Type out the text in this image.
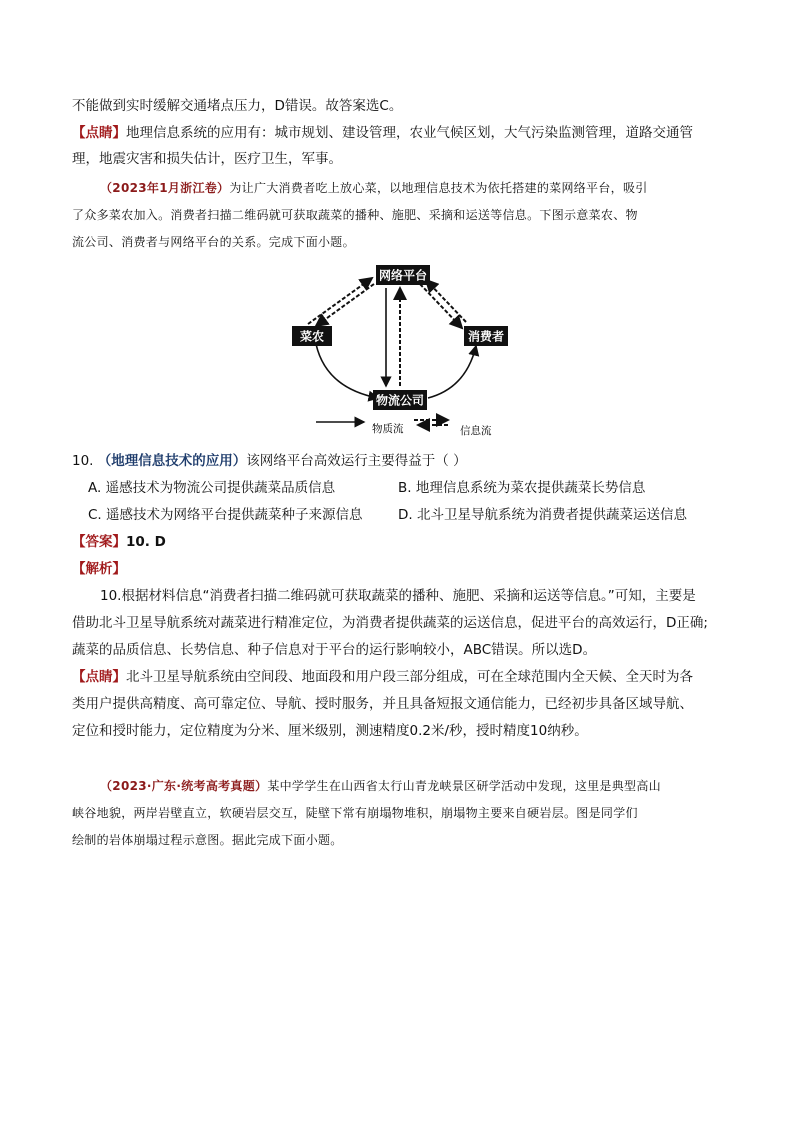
不能做到实时缓解交通堵点压力，D错误。故答案选C。
【点睛】地理信息系统的应用有：城市规划、建设管理，农业气候区划，大气污染监测管理，道路交通管
理，地震灾害和损失估计，医疗卫生，军事。
（2023年1月浙江卷）为让广大消费者吃上放心菜，以地理信息技术为依托搭建的菜网络平台，吸引
了众多菜农加入。消费者扫描二维码就可获取蔬菜的播种、施肥、采摘和运送等信息。下图示意菜农、物
流公司、消费者与网络平台的关系。完成下面小题。
网络平台
菜农	消费者
物流公司
物质流	信息流
10. （地理信息技术的应用）该网络平台高效运行主要得益于（ ）
A. 遥感技术为物流公司提供蔬菜品质信息	B. 地理信息系统为菜农提供蔬菜长势信息
C. 遥感技术为网络平台提供蔬菜种子来源信息	D. 北斗卫星导航系统为消费者提供蔬菜运送信息
【答案】10. D
【解析】
10.根据材料信息“消费者扫描二维码就可获取蔬菜的播种、施肥、采摘和运送等信息。”可知，主要是
借助北斗卫星导航系统对蔬菜进行精准定位，为消费者提供蔬菜的运送信息，促进平台的高效运行，D正确;
蔬菜的品质信息、长势信息、种子信息对于平台的运行影响较小，ABC错误。所以选D。
【点睛】北斗卫星导航系统由空间段、地面段和用户段三部分组成，可在全球范围内全天候、全天时为各
类用户提供高精度、高可靠定位、导航、授时服务，并且具备短报文通信能力，已经初步具备区域导航、
定位和授时能力，定位精度为分米、厘米级别，测速精度0.2米/秒，授时精度10纳秒。
（2023·广东·统考高考真题）某中学学生在山西省太行山青龙峡景区研学活动中发现，这里是典型高山
峡谷地貌，两岸岩壁直立，软硬岩层交互，陡壁下常有崩塌物堆积，崩塌物主要来自硬岩层。图是同学们
绘制的岩体崩塌过程示意图。据此完成下面小题。
